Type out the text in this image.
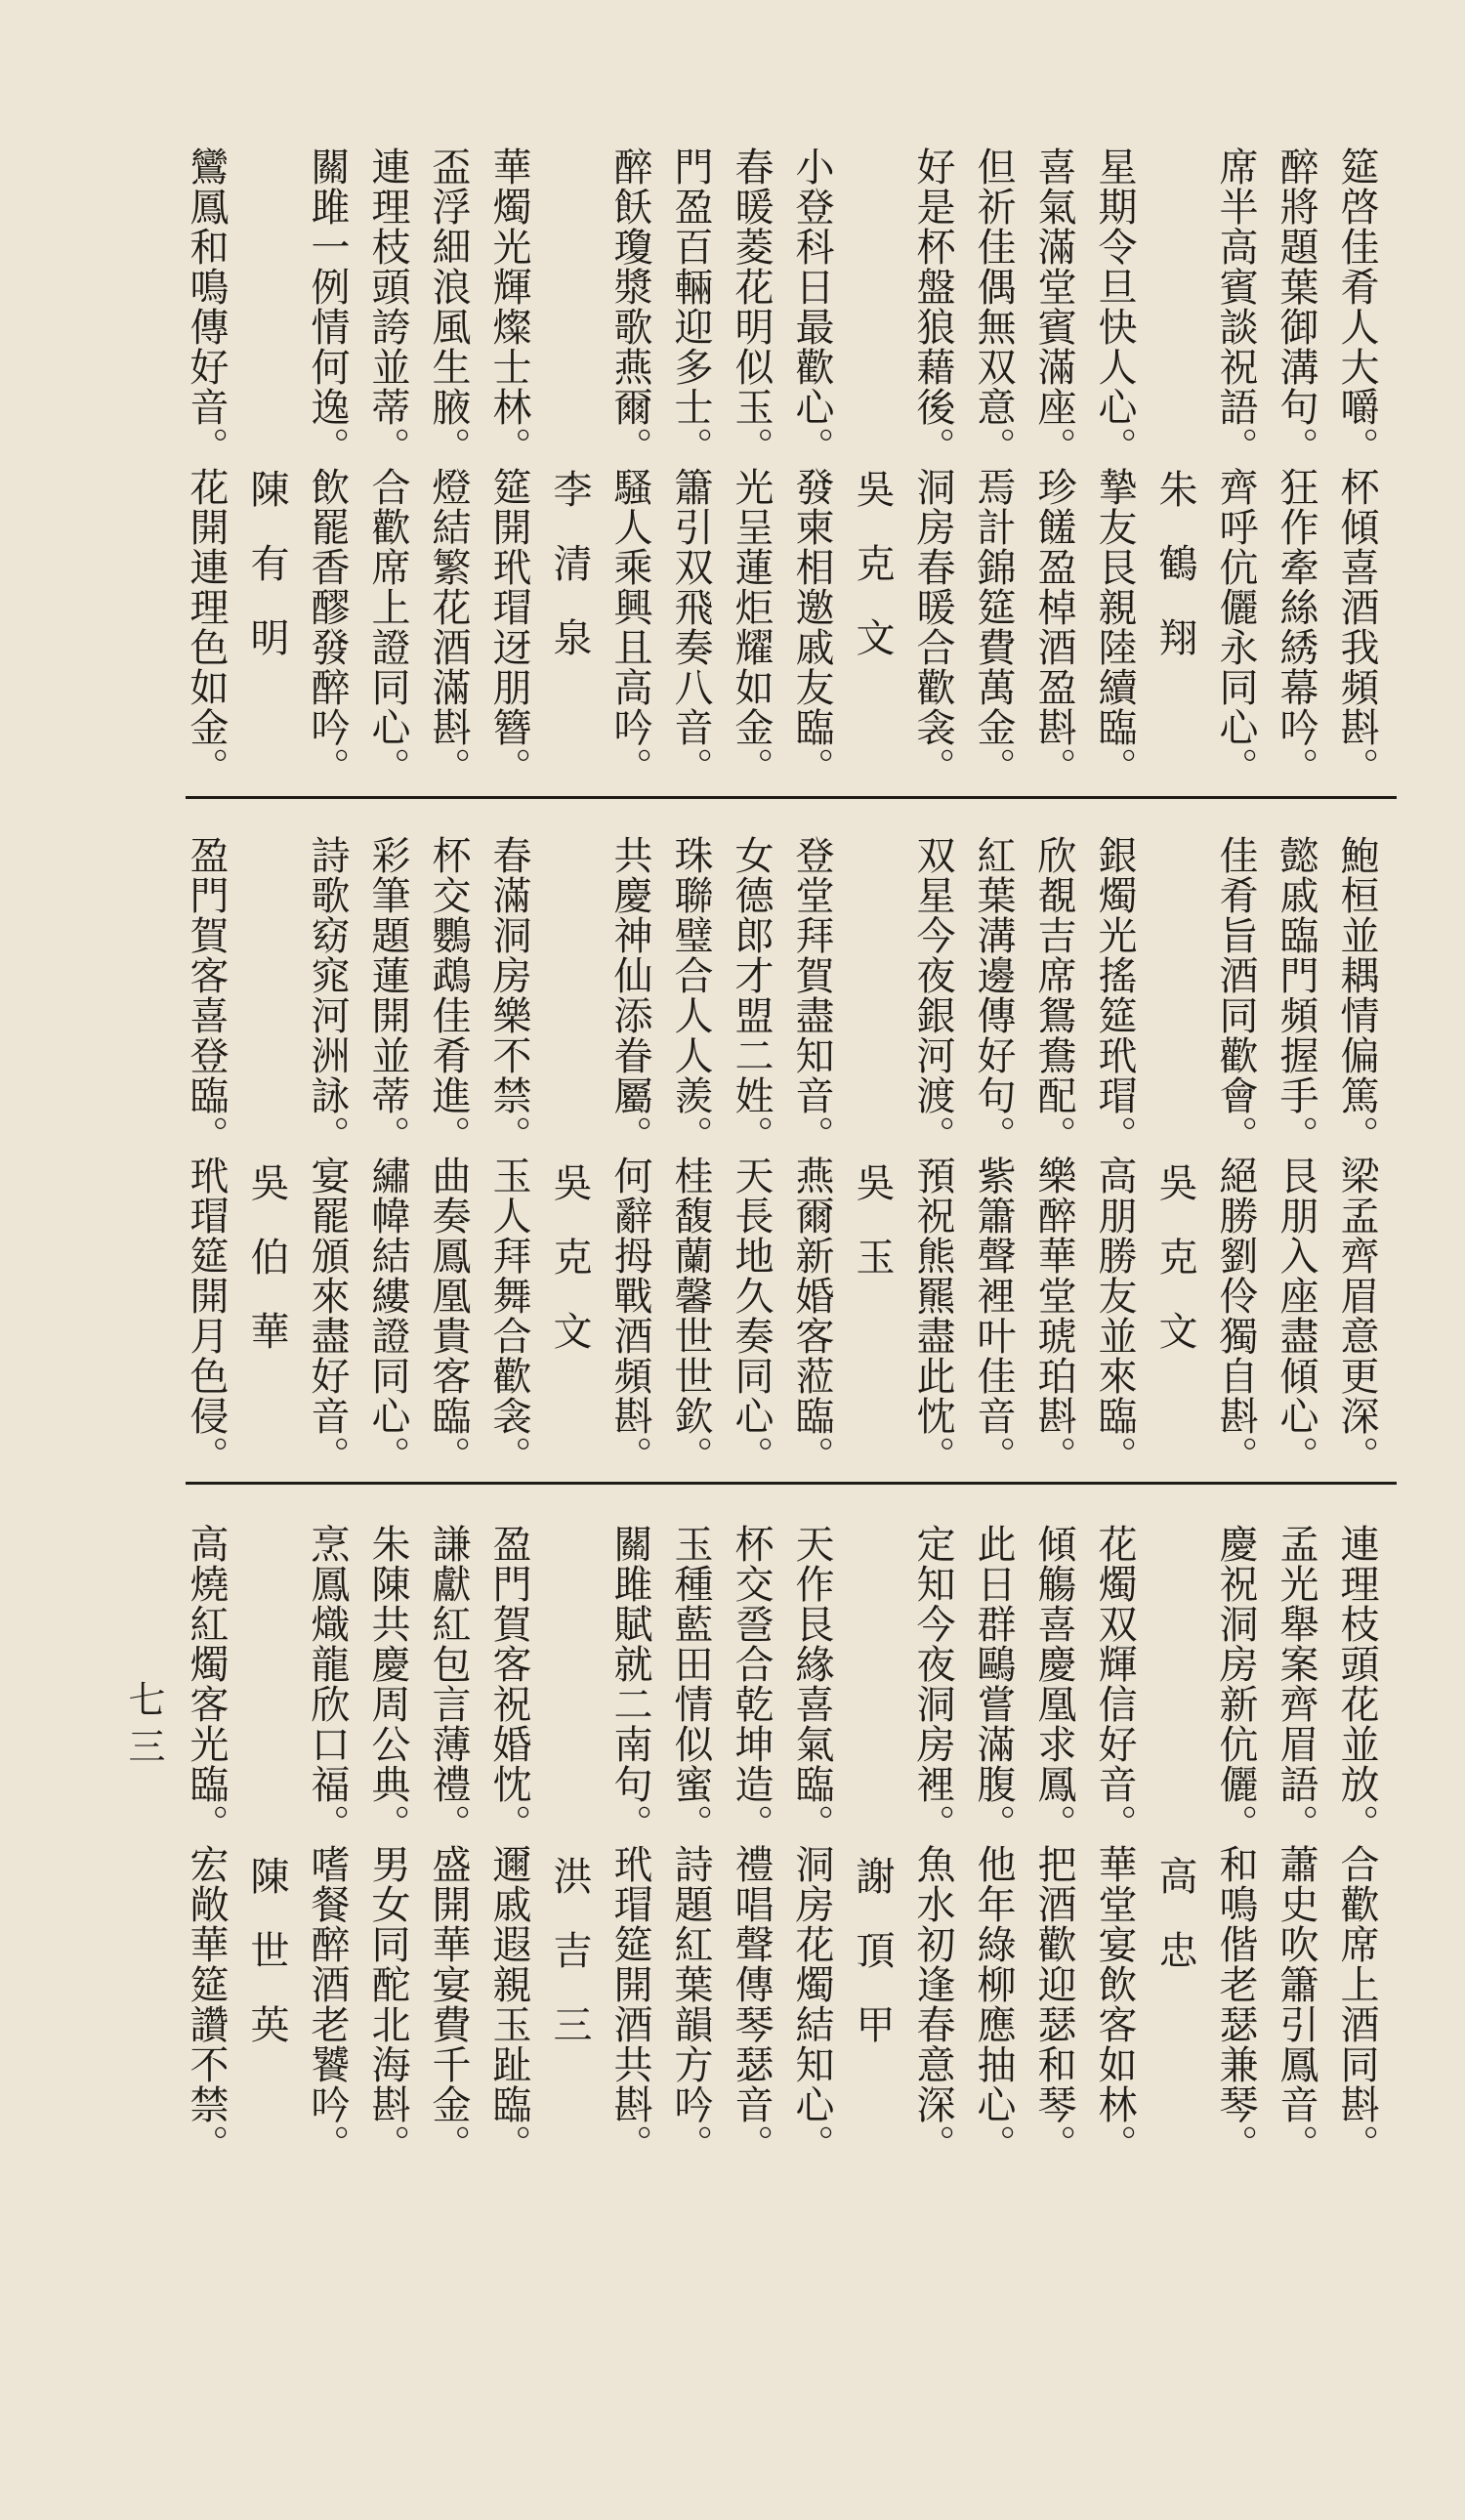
筵啓佳肴人大嚼。杯傾喜酒我頻斟。
醉將題葉御溝句。狂作牽絲綉幕吟。
席半高賓談祝語。齊呼伉儷永同心。
朱鶴翔
星期令旦快人心。摯友艮親陸續臨。
喜氣滿堂賓滿座。珍饈盈棹酒盈斟。
但祈佳偶無双意。焉計錦筵費萬金。
好是杯盤狼藉後。洞房春暖合歡衾。
吳克文
小登科日最歡心。發柬相邀戚友臨。
春暖菱花明似玉。光呈蓮炬耀如金。
門盈百輛迎多士。簫引双飛奏八音。
醉飫瓊漿歌燕爾。騷人乘興且高吟。
李清泉
華燭光輝燦士林。筵開玳瑁迓朋簪。
盃浮細浪風生腋。燈結繁花酒滿斟。
連理枝頭誇並蒂。合歡席上證同心。
關雎一例情何逸。飲罷香醪發醉吟。
陳有明
鸞鳳和鳴傳好音。花開連理色如金。
鮑桓並耦情偏篤。梁孟齊眉意更深。
懿戚臨門頻握手。艮朋入座盡傾心。
佳肴旨酒同歡會。絕勝劉伶獨自斟。
吳克文
銀燭光搖筵玳瑁。高朋勝友並來臨。
欣覩吉席鴛鴦配。樂醉華堂琥珀斟。
紅葉溝邊傳好句。紫簫聲裡叶佳音。
双星今夜銀河渡。預祝熊羆盡此忱。
吳玉
登堂拜賀盡知音。燕爾新婚客蒞臨。
女德郎才盟二姓。天長地久奏同心。
珠聯璧合人人羨。桂馥蘭馨世世欽。
共慶神仙添眷屬。何辭拇戰酒頻斟。
吳克文
春滿洞房樂不禁。玉人拜舞合歡衾。
杯交鸚鵡佳肴進。曲奏鳳凰貴客臨。
彩筆題蓮開並蒂。繡幃結縷證同心。
詩歌窈窕河洲詠。宴罷頒來盡好音。
吳伯華
盈門賀客喜登臨。玳瑁筵開月色侵。
連理枝頭花並放。合歡席上酒同斟。
孟光舉案齊眉語。蕭史吹簫引鳳音。
慶祝洞房新伉儷。和鳴偕老瑟兼琴。
高忠
花燭双輝信好音。華堂宴飲客如林。
傾觴喜慶凰求鳳。把酒歡迎瑟和琴。
此日群鷗嘗滿腹。他年綠柳應抽心。
定知今夜洞房裡。魚水初逢春意深。
謝頂甲
天作艮緣喜氣臨。洞房花燭結知心。
杯交巹合乾坤造。禮唱聲傳琴瑟音。
玉種藍田情似蜜。詩題紅葉韻方吟。
關雎賦就二南句。玳瑁筵開酒共斟。
洪吉三
盈門賀客祝婚忱。邇戚遐親玉趾臨。
謙獻紅包言薄禮。盛開華宴費千金。
朱陳共慶周公典。男女同酡北海斟。
烹鳳熾龍欣口福。嗜餐醉酒老饕吟。
陳世英
高燒紅燭客光臨。宏敞華筵讚不禁。
七三
